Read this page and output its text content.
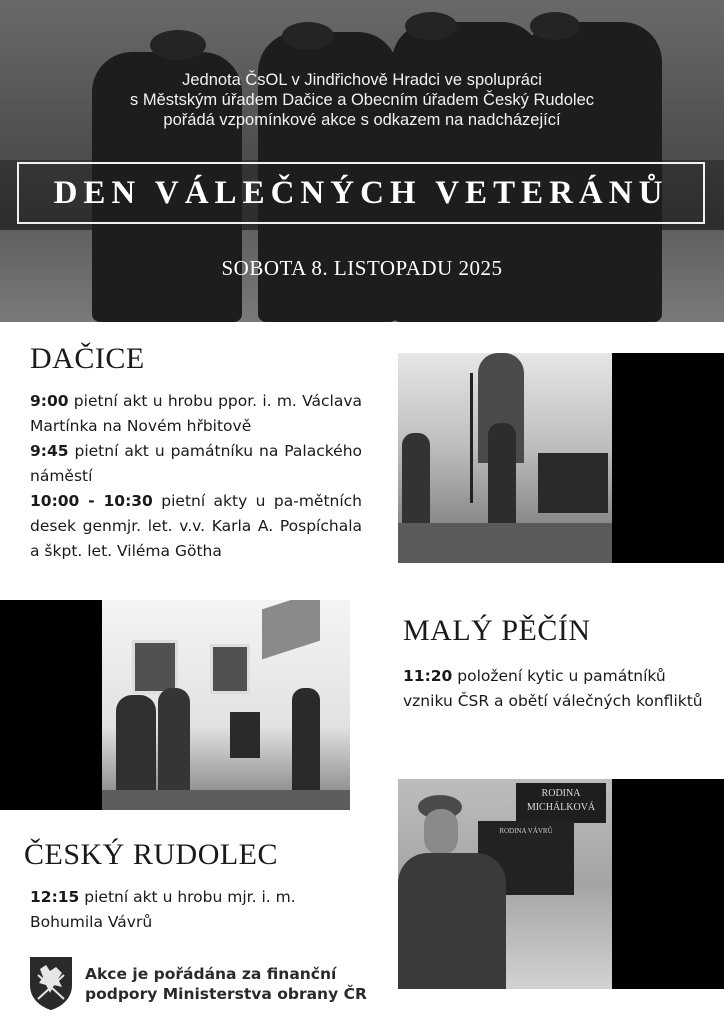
Jednota ČsOL v Jindřichově Hradci ve spolupráci
s Městským úřadem Dačice a Obecním úřadem Český Rudolec
pořádá vzpomínkové akce s odkazem na nadcházející
DEN VÁLEČNÝCH VETERÁNŮ
SOBOTA 8. LISTOPADU 2025
DAČICE
9:00 pietní akt u hrobu ppor. i. m. Václava Martínka na Novém hřbitově
9:45 pietní akt u památníku na Palackého náměstí
10:00 - 10:30 pietní akty u pa-mětních desek genmjr. let. v.v. Karla A. Pospíchala a škpt. let. Viléma Götha
MALÝ PĚČÍN
11:20 položení kytic u památníků vzniku ČSR a obětí válečných konfliktů
RODINA
MICHÁLKOVÁ
RODINA VÁVRŮ
ČESKÝ RUDOLEC
12:15 pietní akt u hrobu mjr. i. m. Bohumila Vávrů
Akce je pořádána za finanční
podpory Ministerstva obrany ČR
